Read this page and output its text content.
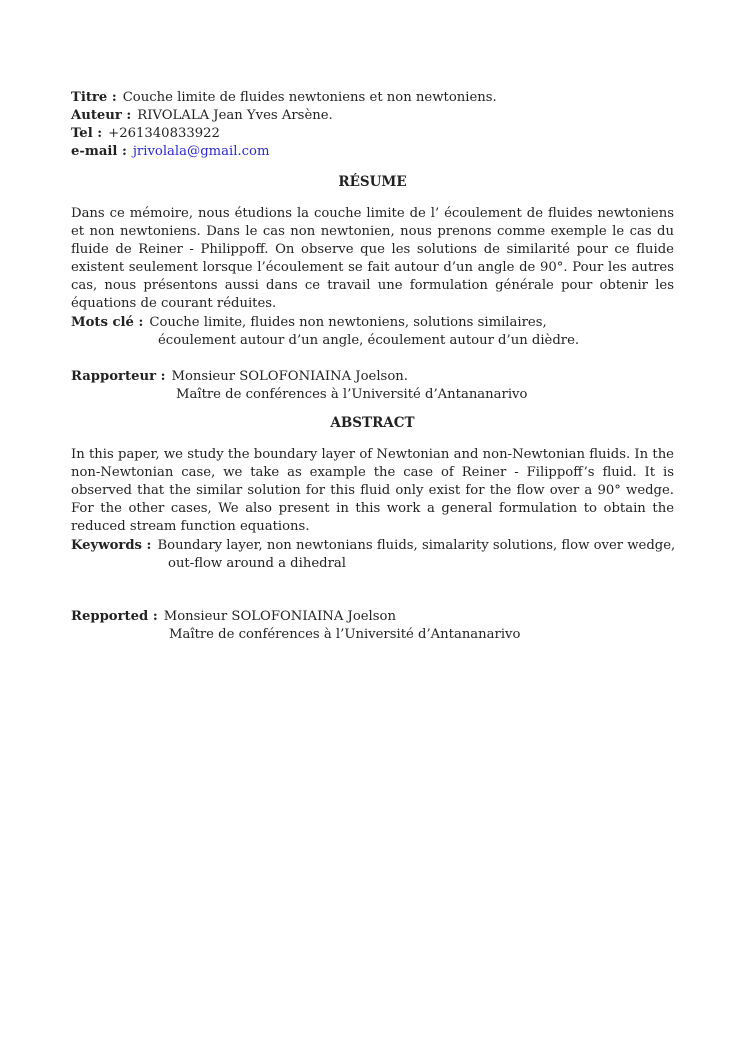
Titre : Couche limite de fluides newtoniens et non newtoniens.
Auteur : RIVOLALA Jean Yves Arsène.
Tel : +261340833922
e-mail : jrivolala@gmail.com
RÉSUME
Dans ce mémoire, nous étudions la couche limite de l’ écoulement de fluides newtoniens et non newtoniens. Dans le cas non newtonien, nous prenons comme exemple le cas du fluide de Reiner - Philippoff. On observe que les solutions de similarité pour ce fluide existent seulement lorsque l’écoulement se fait autour d’un angle de 90°. Pour les autres cas, nous présentons aussi dans ce travail une formulation générale pour obtenir les équations de courant réduites.
Mots clé : Couche limite, fluides non newtoniens, solutions similaires,
écoulement autour d’un angle, écoulement autour d’un dièdre.
Rapporteur : Monsieur SOLOFONIAINA Joelson.
Maître de conférences à l’Université d’Antananarivo
ABSTRACT
In this paper, we study the boundary layer of Newtonian and non-Newtonian fluids. In the non-Newtonian case, we take as example the case of Reiner - Filippoff’s fluid. It is observed that the similar solution for this fluid only exist for the flow over a 90° wedge. For the other cases, We also present in this work a general formulation to obtain the reduced stream function equations.
Keywords : Boundary layer, non newtonians fluids, simalarity solutions, flow over wedge,
out-flow around a dihedral
Repported : Monsieur SOLOFONIAINA Joelson
Maître de conférences à l’Université d’Antananarivo
